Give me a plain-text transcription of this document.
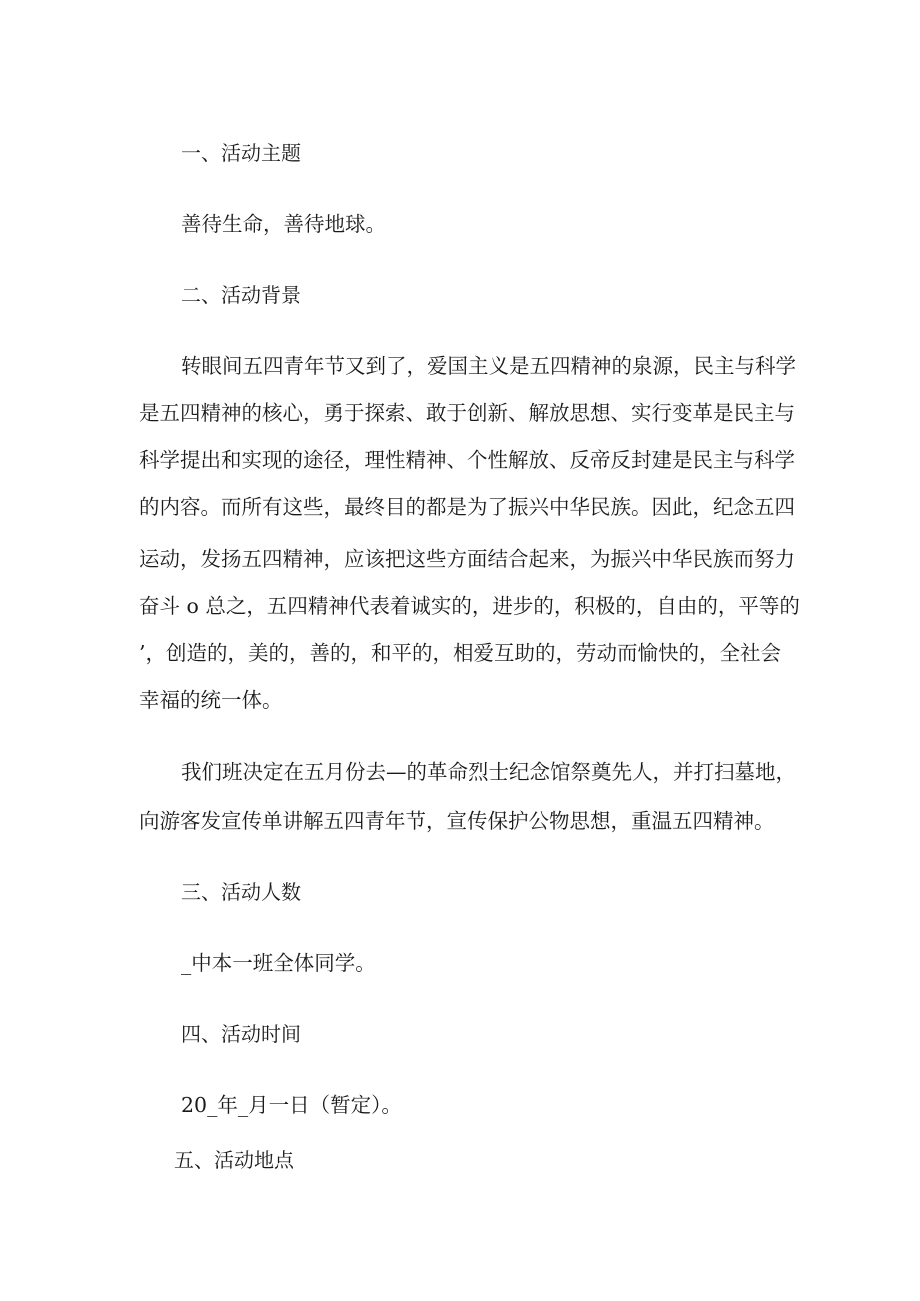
一、活动主题

善待生命，善待地球。

二、活动背景

转眼间五四青年节又到了，爱国主义是五四精神的泉源，民主与科学

是五四精神的核心，勇于探索、敢于创新、解放思想、实行变革是民主与

科学提出和实现的途径，理性精神、个性解放、反帝反封建是民主与科学

的内容。而所有这些，最终目的都是为了振兴中华民族。因此，纪念五四

运动，发扬五四精神，应该把这些方面结合起来，为振兴中华民族而努力

奋斗 o 总之，五四精神代表着诚实的，进步的，积极的，自由的，平等的

’，创造的，美的，善的，和平的，相爱互助的，劳动而愉快的，全社会

幸福的统一体。

我们班决定在五月份去—的革命烈士纪念馆祭奠先人，并打扫墓地，

向游客发宣传单讲解五四青年节，宣传保护公物思想，重温五四精神。

三、活动人数

_中本一班全体同学。

四、活动时间

20_年_月一日（暂定）。

五、活动地点
